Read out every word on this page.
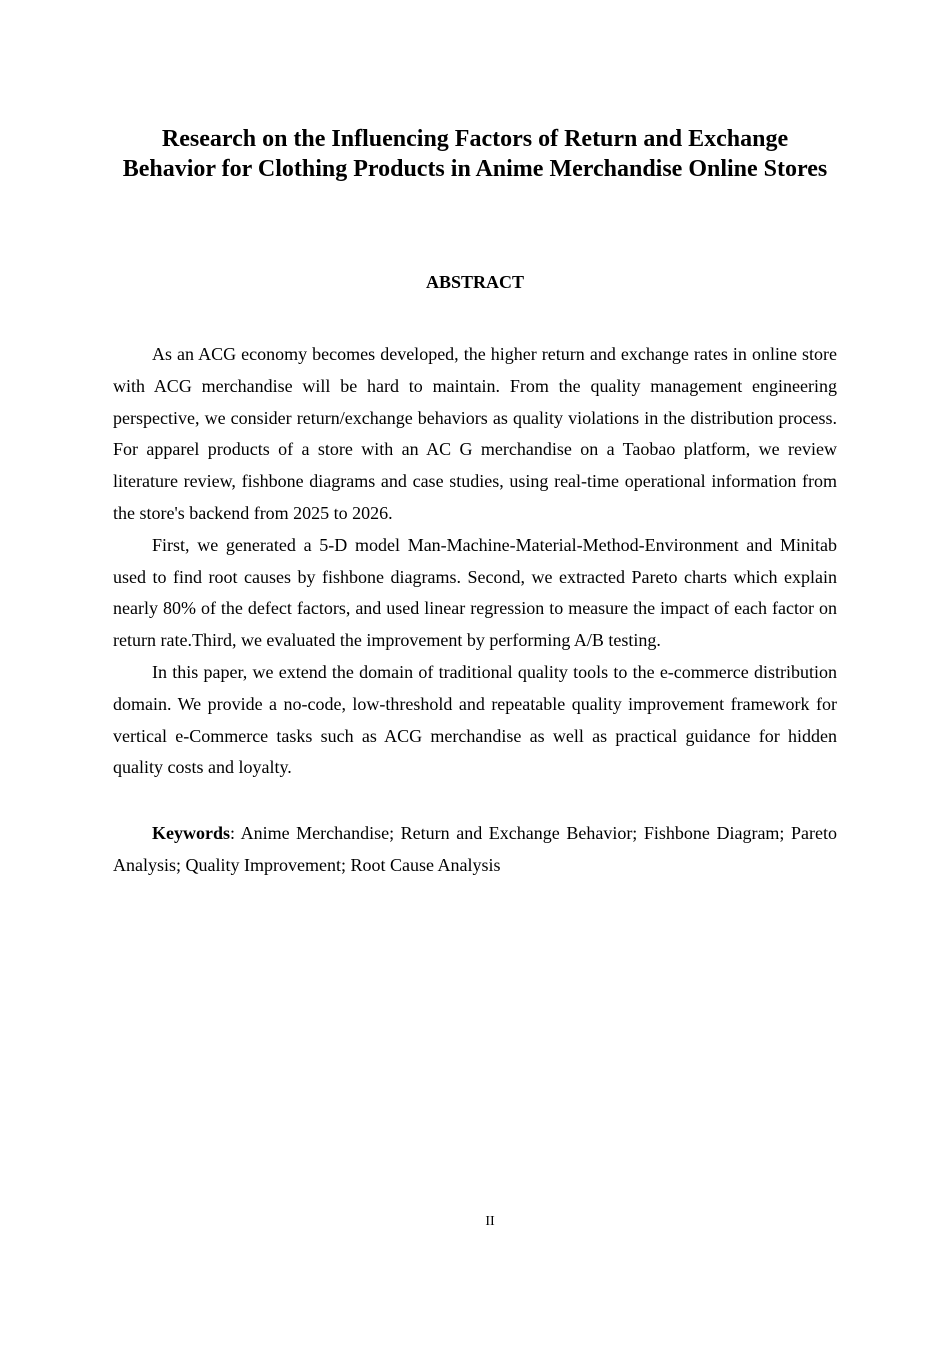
Research on the Influencing Factors of Return and Exchange Behavior for Clothing Products in Anime Merchandise Online Stores
ABSTRACT

As an ACG economy becomes developed, the higher return and exchange rates in online store with ACG merchandise will be hard to maintain. From the quality management engineering perspective, we consider return/exchange behaviors as quality violations in the distribution process. For apparel products of a store with an AC G merchandise on a Taobao platform, we review literature review, fishbone diagrams and case studies, using real-time operational information from the store's backend from 2025 to 2026.

First, we generated a 5-D model Man-Machine-Material-Method-Environment and Minitab used to find root causes by fishbone diagrams. Second, we extracted Pareto charts which explain nearly 80% of the defect factors, and used linear regression to measure the impact of each factor on return rate.Third, we evaluated the improvement by performing A/B testing.

In this paper, we extend the domain of traditional quality tools to the e-commerce distribution domain. We provide a no-code, low-threshold and repeatable quality improvement framework for vertical e-Commerce tasks such as ACG merchandise as well as practical guidance for hidden quality costs and loyalty.

Keywords: Anime Merchandise; Return and Exchange Behavior; Fishbone Diagram; Pareto Analysis; Quality Improvement; Root Cause Analysis

II
